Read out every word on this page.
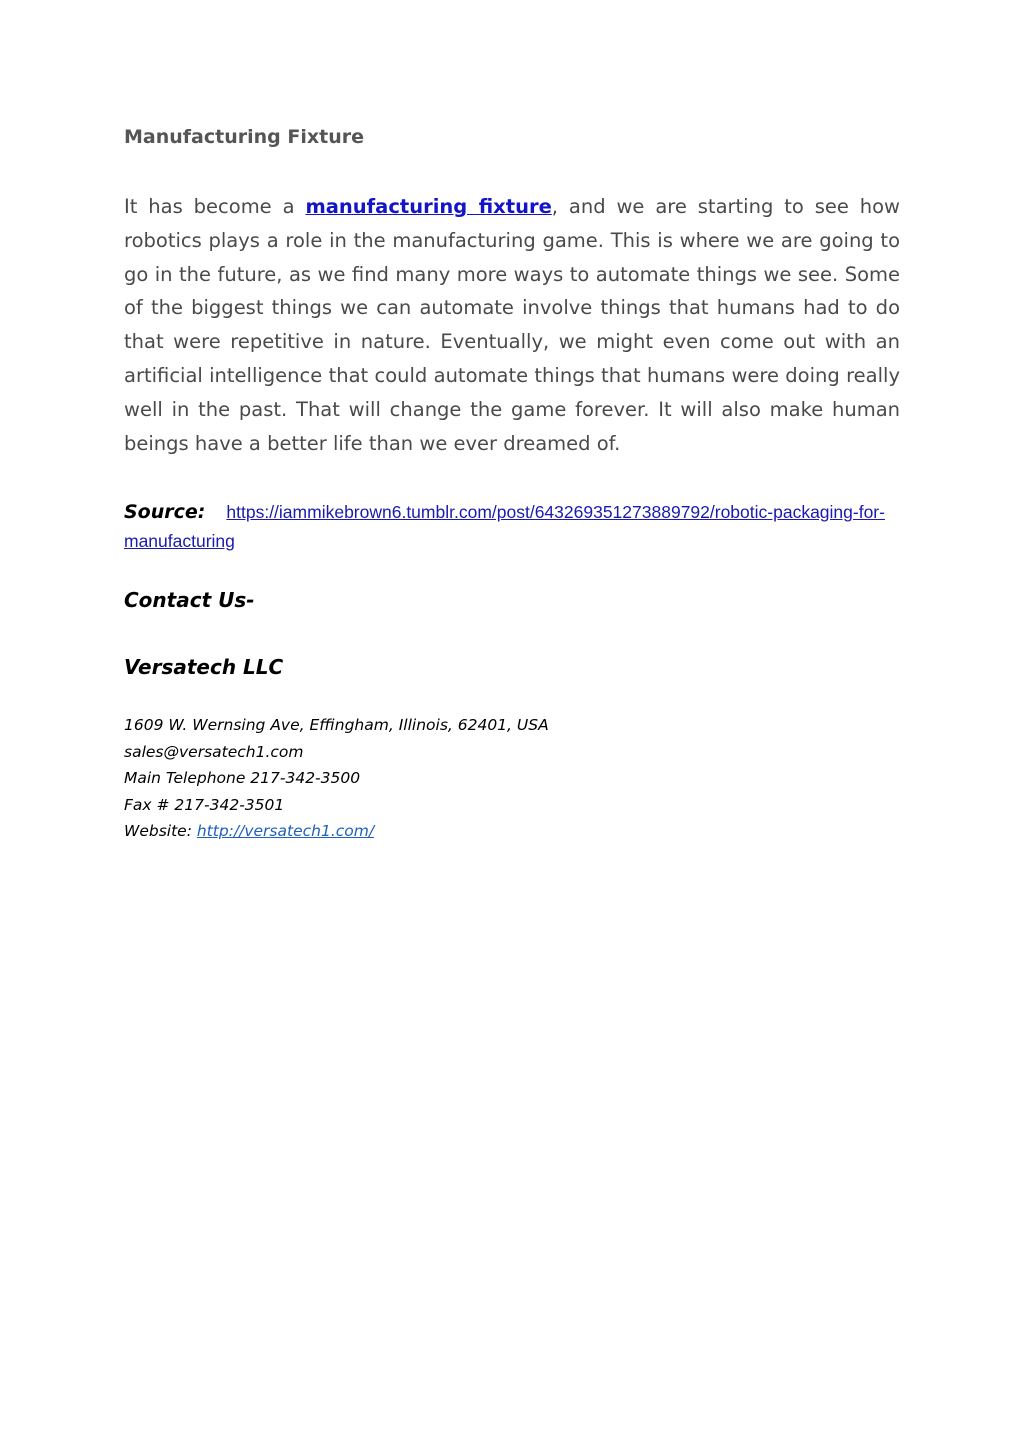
Manufacturing Fixture

It has become a manufacturing fixture, and we are starting to see how robotics plays a role in the manufacturing game. This is where we are going to go in the future, as we find many more ways to automate things we see. Some of the biggest things we can automate involve things that humans had to do that were repetitive in nature. Eventually, we might even come out with an artificial intelligence that could automate things that humans were doing really well in the past. That will change the game forever. It will also make human beings have a better life than we ever dreamed of.

Source: https://iammikebrown6.tumblr.com/post/643269351273889792/robotic-packaging-for-manufacturing
Contact Us-
Versatech LLC
1609 W. Wernsing Ave, Effingham, Illinois, 62401, USA
sales@versatech1.com
Main Telephone 217-342-3500
Fax # 217-342-3501
Website: http://versatech1.com/
